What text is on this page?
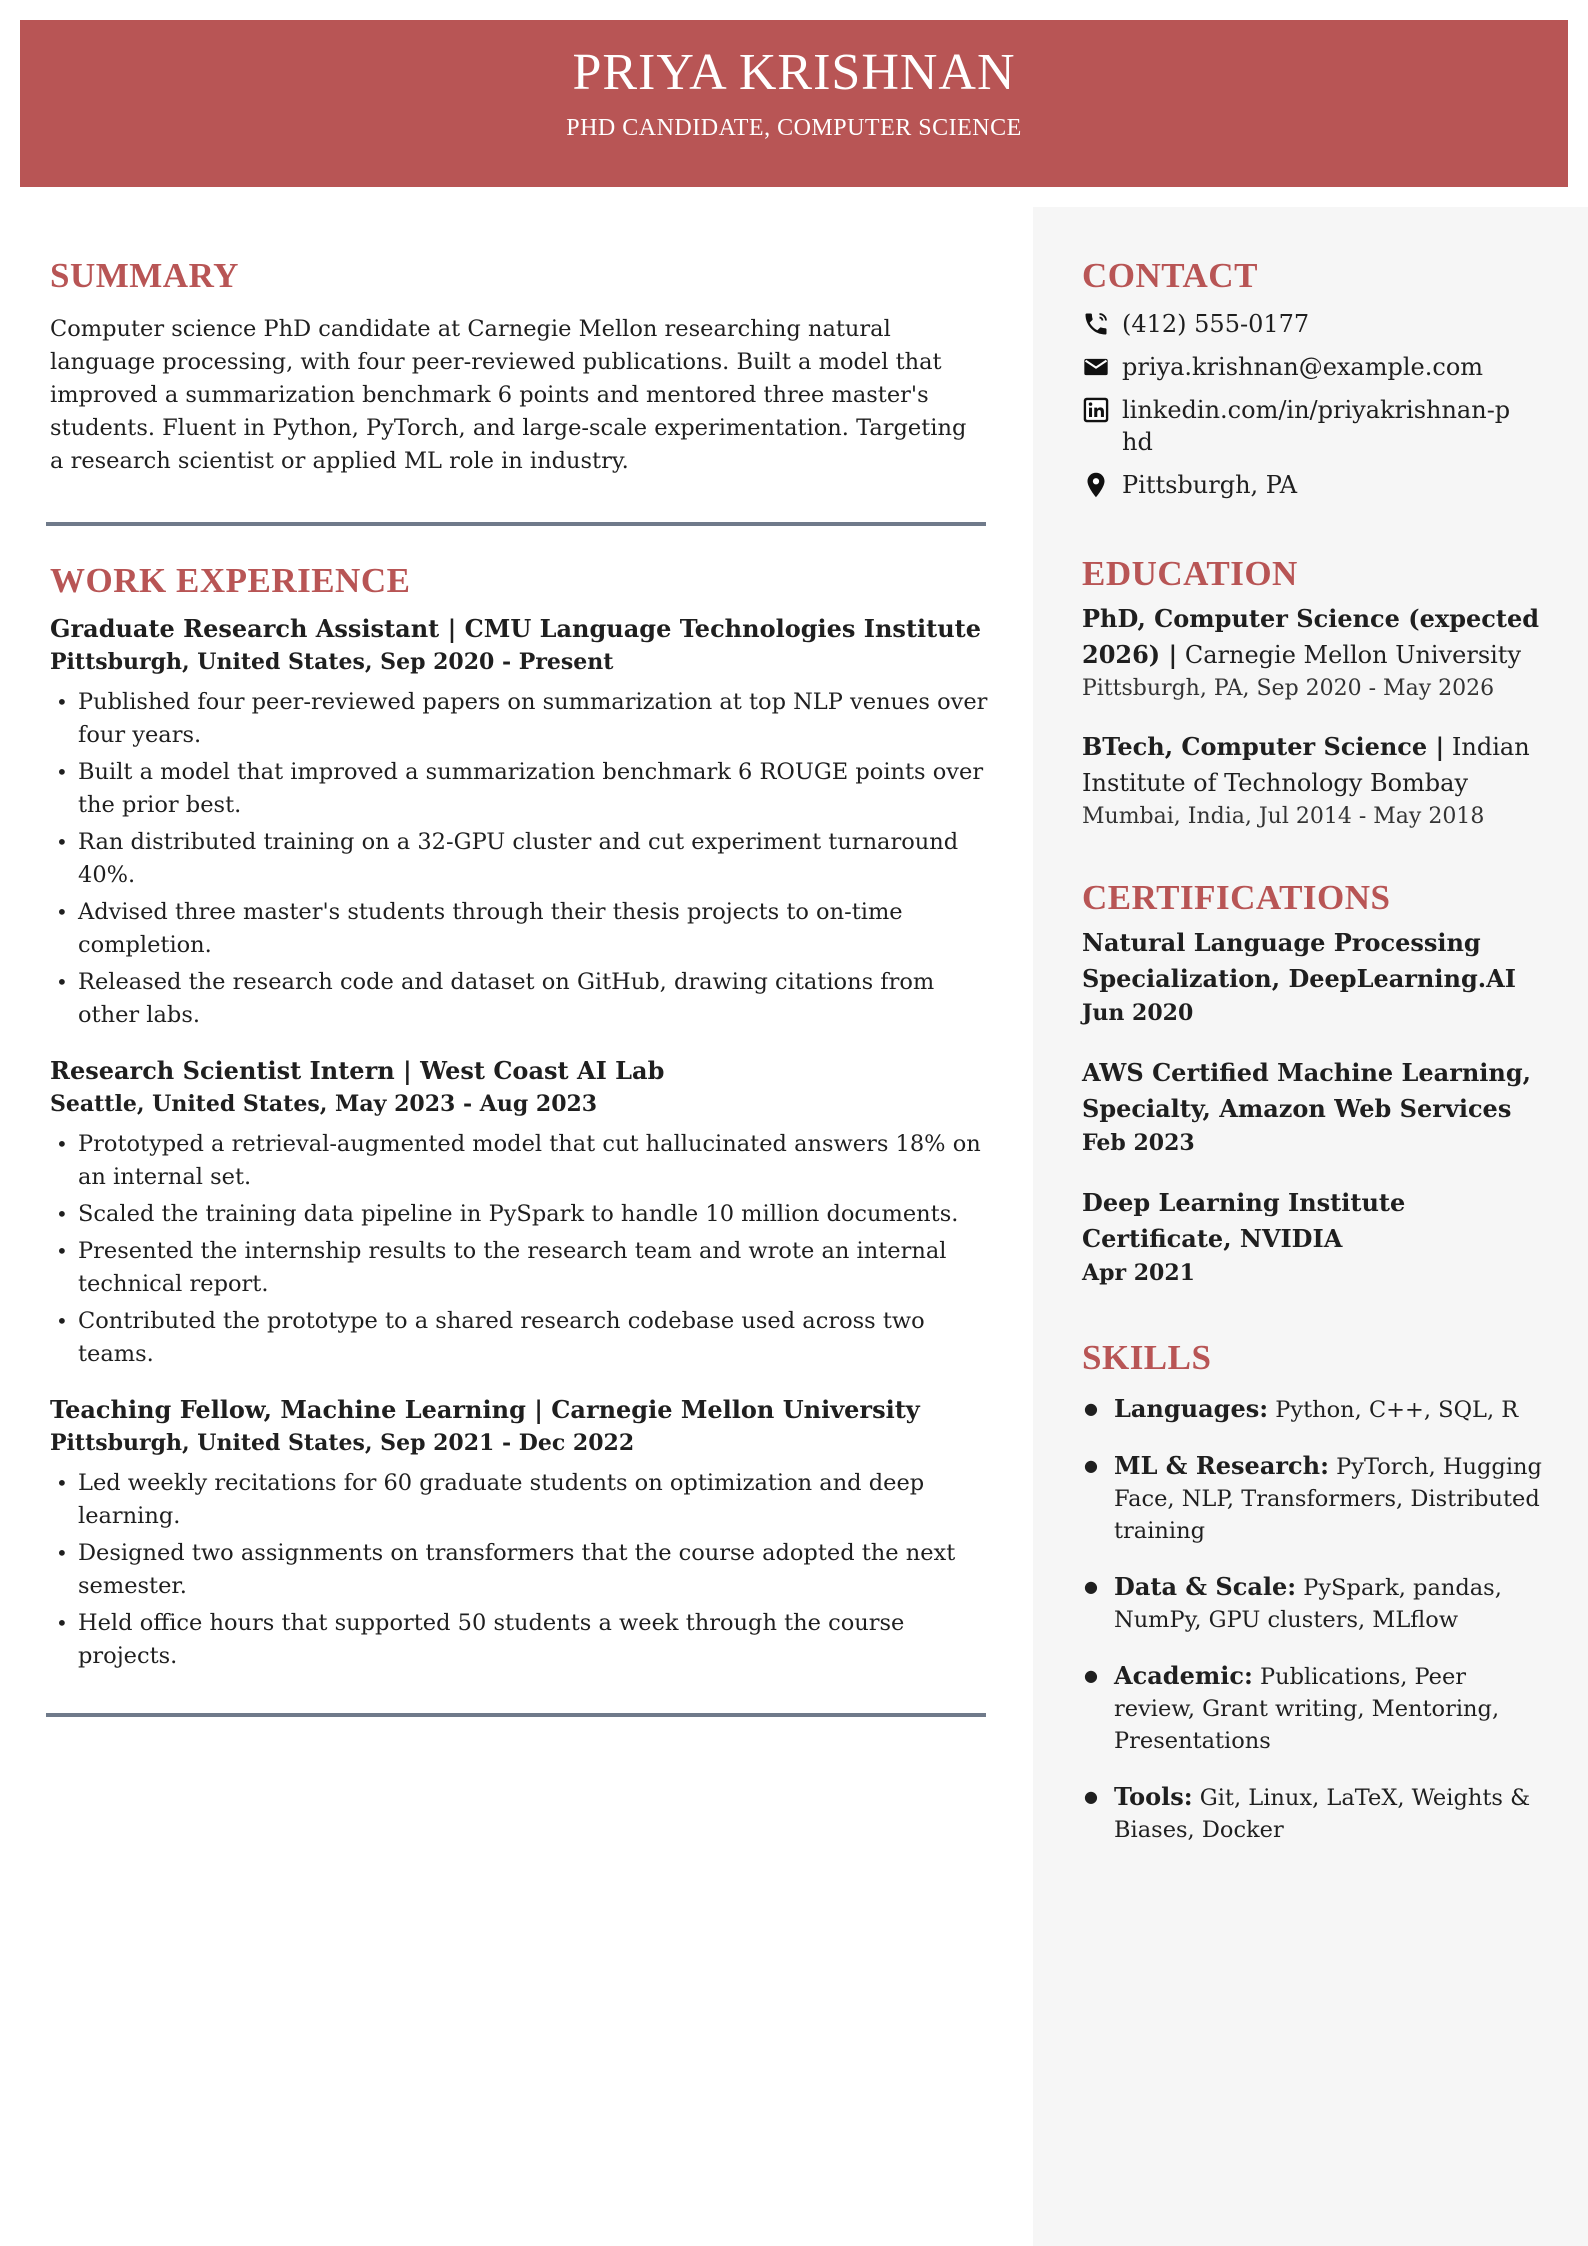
PRIYA KRISHNAN
PHD CANDIDATE, COMPUTER SCIENCE
SUMMARY

Computer science PhD candidate at Carnegie Mellon researching natural language processing, with four peer-reviewed publications. Built a model that improved a summarization benchmark 6 points and mentored three master's students. Fluent in Python, PyTorch, and large-scale experimentation. Targeting a research scientist or applied ML role in industry.

WORK EXPERIENCE
Graduate Research Assistant | CMU Language Technologies Institute
Pittsburgh, United States, Sep 2020 - Present
• Published four peer-reviewed papers on summarization at top NLP venues over four years.
• Built a model that improved a summarization benchmark 6 ROUGE points over the prior best.
• Ran distributed training on a 32-GPU cluster and cut experiment turnaround 40%.
• Advised three master's students through their thesis projects to on-time completion.
• Released the research code and dataset on GitHub, drawing citations from other labs.
Research Scientist Intern | West Coast AI Lab
Seattle, United States, May 2023 - Aug 2023
• Prototyped a retrieval-augmented model that cut hallucinated answers 18% on an internal set.
• Scaled the training data pipeline in PySpark to handle 10 million documents.
• Presented the internship results to the research team and wrote an internal technical report.
• Contributed the prototype to a shared research codebase used across two teams.
Teaching Fellow, Machine Learning | Carnegie Mellon University
Pittsburgh, United States, Sep 2021 - Dec 2022
• Led weekly recitations for 60 graduate students on optimization and deep learning.
• Designed two assignments on transformers that the course adopted the next semester.
• Held office hours that supported 50 students a week through the course projects.
CONTACT
(412) 555-0177
priya.krishnan@example.com
linkedin.com/in/priyakrishnan-phd
Pittsburgh, PA
EDUCATION
PhD, Computer Science (expected 2026) | Carnegie Mellon University
Pittsburgh, PA, Sep 2020 - May 2026
BTech, Computer Science | Indian Institute of Technology Bombay
Mumbai, India, Jul 2014 - May 2018
CERTIFICATIONS
Natural Language Processing Specialization, DeepLearning.AI
Jun 2020
AWS Certified Machine Learning, Specialty, Amazon Web Services
Feb 2023
Deep Learning Institute Certificate, NVIDIA
Apr 2021
SKILLS
● Languages: Python, C++, SQL, R
● ML & Research: PyTorch, Hugging Face, NLP, Transformers, Distributed training
● Data & Scale: PySpark, pandas, NumPy, GPU clusters, MLflow
● Academic: Publications, Peer review, Grant writing, Mentoring, Presentations
● Tools: Git, Linux, LaTeX, Weights & Biases, Docker
